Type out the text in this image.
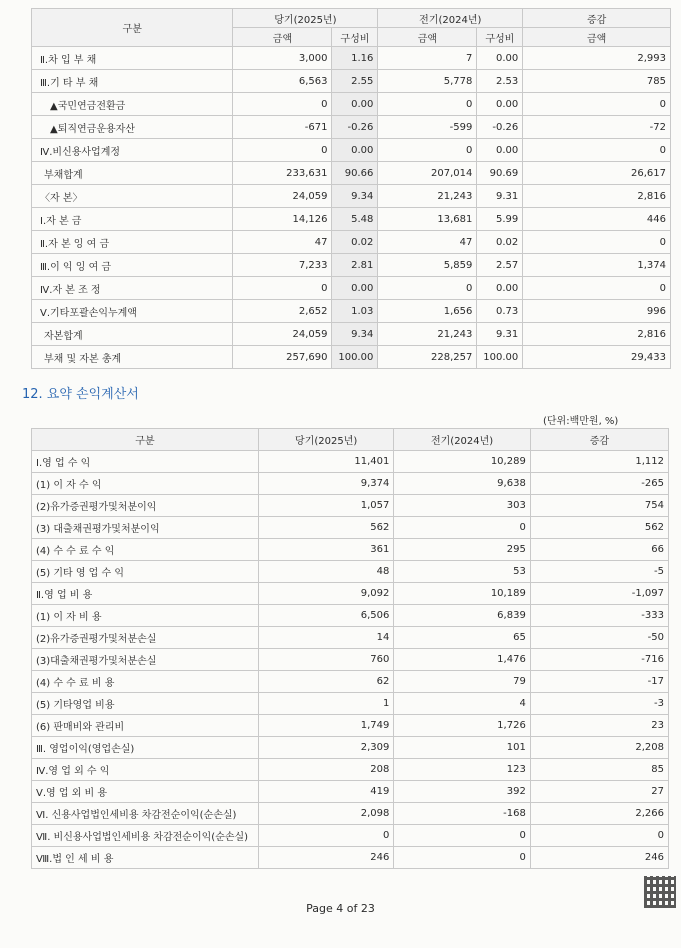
구분	당기(2025년)		전기(2024년)		증감
	금액	구성비	금액	구성비	금액
Ⅱ.차 입 부 채	3,000	1.16	7	0.00	2,993
Ⅲ.기 타 부 채	6,563	2.55	5,778	2.53	785
▲국민연금전환금	0	0.00	0	0.00	0
▲퇴직연금운용자산	-671	-0.26	-599	-0.26	-72
Ⅳ.비신용사업계정	0	0.00	0	0.00	0
부채합계	233,631	90.66	207,014	90.69	26,617
〈자 본〉	24,059	9.34	21,243	9.31	2,816
Ⅰ.자 본 금	14,126	5.48	13,681	5.99	446
Ⅱ.자 본 잉 여 금	47	0.02	47	0.02	0
Ⅲ.이 익 잉 여 금	7,233	2.81	5,859	2.57	1,374
Ⅳ.자 본 조 정	0	0.00	0	0.00	0
Ⅴ.기타포괄손익누계액	2,652	1.03	1,656	0.73	996
자본합계	24,059	9.34	21,243	9.31	2,816
부채 및 자본 총계	257,690	100.00	228,257	100.00	29,433
12. 요약 손익계산서
(단위:백만원, %)
구분	당기(2025년)	전기(2024년)	증감
Ⅰ.영 업 수 익	11,401	10,289	1,112
(1) 이 자 수 익	9,374	9,638	-265
(2)유가증권평가및처분이익	1,057	303	754
(3) 대출채권평가및처분이익	562	0	562
(4) 수 수 료 수 익	361	295	66
(5) 기타 영 업 수 익	48	53	-5
Ⅱ.영 업 비 용	9,092	10,189	-1,097
(1) 이 자 비 용	6,506	6,839	-333
(2)유가증권평가및처분손실	14	65	-50
(3)대출채권평가및처분손실	760	1,476	-716
(4) 수 수 료 비 용	62	79	-17
(5) 기타영업 비용	1	4	-3
(6) 판매비와 관리비	1,749	1,726	23
Ⅲ. 영업이익(영업손실)	2,309	101	2,208
Ⅳ.영 업 외 수 익	208	123	85
Ⅴ.영 업 외 비 용	419	392	27
Ⅵ. 신용사업법인세비용 차감전순이익(순손실)	2,098	-168	2,266
Ⅶ. 비신용사업법인세비용 차감전순이익(순손실)	0	0	0
Ⅷ.법 인 세 비 용	246	0	246
Page 4 of 23
